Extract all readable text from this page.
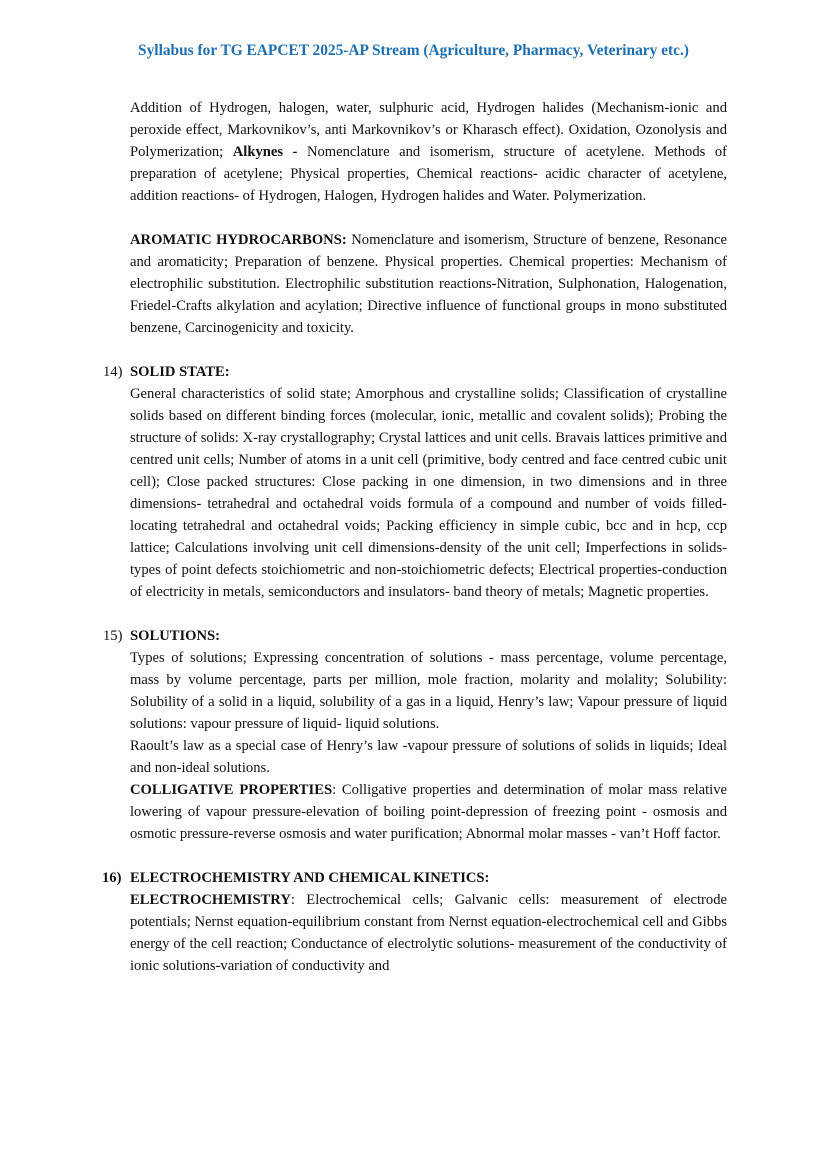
Syllabus for TG EAPCET 2025-AP Stream (Agriculture, Pharmacy, Veterinary etc.)

Addition of Hydrogen, halogen, water, sulphuric acid, Hydrogen halides (Mechanism-ionic and peroxide effect, Markovnikov’s, anti Markovnikov’s or Kharasch effect). Oxidation, Ozonolysis and Polymerization; Alkynes - Nomenclature and isomerism, structure of acetylene. Methods of preparation of acetylene; Physical properties, Chemical reactions- acidic character of acetylene, addition reactions- of Hydrogen, Halogen, Hydrogen halides and Water. Polymerization.

AROMATIC HYDROCARBONS: Nomenclature and isomerism, Structure of benzene, Resonance and aromaticity; Preparation of benzene. Physical properties. Chemical properties: Mechanism of electrophilic substitution. Electrophilic substitution reactions-Nitration, Sulphonation, Halogenation, Friedel-Crafts alkylation and acylation; Directive influence of functional groups in mono substituted benzene, Carcinogenicity and toxicity.

14) SOLID STATE:

General characteristics of solid state; Amorphous and crystalline solids; Classification of crystalline solids based on different binding forces (molecular, ionic, metallic and covalent solids); Probing the structure of solids: X-ray crystallography; Crystal lattices and unit cells. Bravais lattices primitive and centred unit cells; Number of atoms in a unit cell (primitive, body centred and face centred cubic unit cell); Close packed structures: Close packing in one dimension, in two dimensions and in three dimensions- tetrahedral and octahedral voids formula of a compound and number of voids filled- locating tetrahedral and octahedral voids; Packing efficiency in simple cubic, bcc and in hcp, ccp lattice; Calculations involving unit cell dimensions-density of the unit cell; Imperfections in solids-types of point defects stoichiometric and non-stoichiometric defects; Electrical properties-conduction of electricity in metals, semiconductors and insulators- band theory of metals; Magnetic properties.

15) SOLUTIONS:

Types of solutions; Expressing concentration of solutions - mass percentage, volume percentage, mass by volume percentage, parts per million, mole fraction, molarity and molality; Solubility: Solubility of a solid in a liquid, solubility of a gas in a liquid, Henry’s law; Vapour pressure of liquid solutions: vapour pressure of liquid- liquid solutions.

Raoult’s law as a special case of Henry’s law -vapour pressure of solutions of solids in liquids; Ideal and non-ideal solutions.

COLLIGATIVE PROPERTIES: Colligative properties and determination of molar mass relative lowering of vapour pressure-elevation of boiling point-depression of freezing point - osmosis and osmotic pressure-reverse osmosis and water purification; Abnormal molar masses - van’t Hoff factor.

16) ELECTROCHEMISTRY AND CHEMICAL KINETICS:

ELECTROCHEMISTRY: Electrochemical cells; Galvanic cells: measurement of electrode potentials; Nernst equation-equilibrium constant from Nernst equation-electrochemical cell and Gibbs energy of the cell reaction; Conductance of electrolytic solutions- measurement of the conductivity of ionic solutions-variation of conductivity and
